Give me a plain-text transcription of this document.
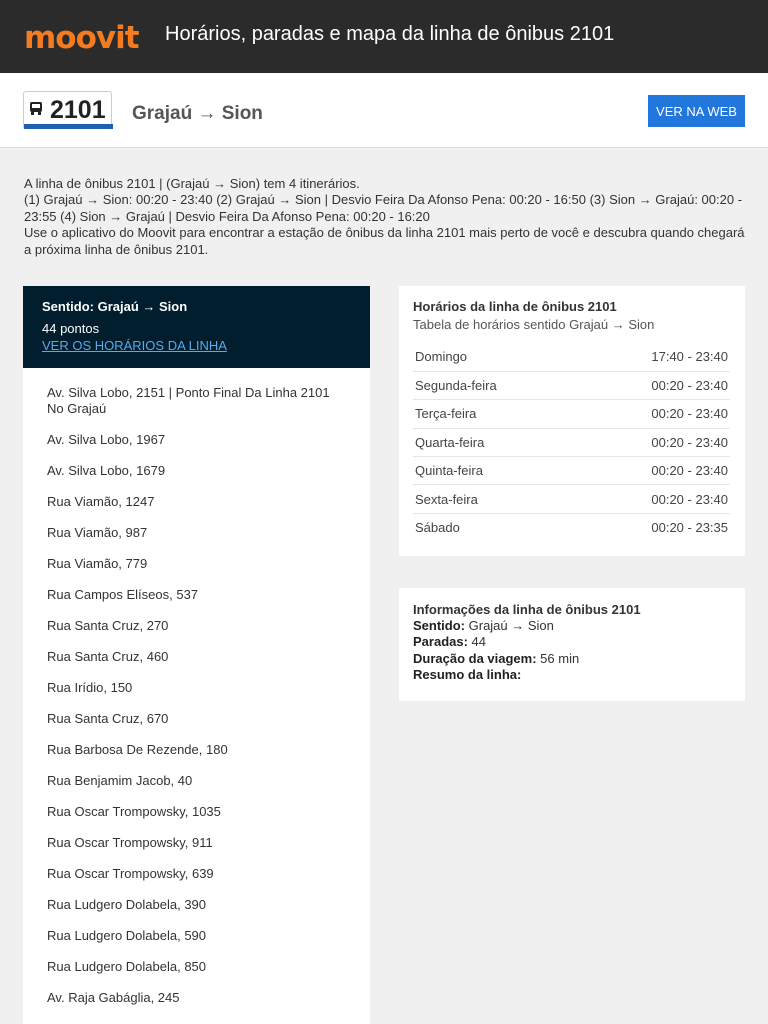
moovit Horários, paradas e mapa da linha de ônibus 2101
2101 Grajaú → Sion	VER NA WEB
A linha de ônibus 2101 | (Grajaú → Sion) tem 4 itinerários.
(1) Grajaú → Sion: 00:20 - 23:40 (2) Grajaú → Sion | Desvio Feira Da Afonso Pena: 00:20 - 16:50 (3) Sion → Grajaú: 00:20 - 23:55 (4) Sion → Grajaú | Desvio Feira Da Afonso Pena: 00:20 - 16:20
Use o aplicativo do Moovit para encontrar a estação de ônibus da linha 2101 mais perto de você e descubra quando chegará a próxima linha de ônibus 2101.
Sentido: Grajaú → Sion
44 pontos
VER OS HORÁRIOS DA LINHA
Av. Silva Lobo, 2151 | Ponto Final Da Linha 2101 No Grajaú
Av. Silva Lobo, 1967
Av. Silva Lobo, 1679
Rua Viamão, 1247
Rua Viamão, 987
Rua Viamão, 779
Rua Campos Elíseos, 537
Rua Santa Cruz, 270
Rua Santa Cruz, 460
Rua Irídio, 150
Rua Santa Cruz, 670
Rua Barbosa De Rezende, 180
Rua Benjamim Jacob, 40
Rua Oscar Trompowsky, 1035
Rua Oscar Trompowsky, 911
Rua Oscar Trompowsky, 639
Rua Ludgero Dolabela, 390
Rua Ludgero Dolabela, 590
Rua Ludgero Dolabela, 850
Av. Raja Gabáglia, 245
Horários da linha de ônibus 2101
Tabela de horários sentido Grajaú → Sion
Domingo	17:40 - 23:40
Segunda-feira	00:20 - 23:40
Terça-feira	00:20 - 23:40
Quarta-feira	00:20 - 23:40
Quinta-feira	00:20 - 23:40
Sexta-feira	00:20 - 23:40
Sábado	00:20 - 23:35
Informações da linha de ônibus 2101
Sentido: Grajaú → Sion
Paradas: 44
Duração da viagem: 56 min
Resumo da linha:
